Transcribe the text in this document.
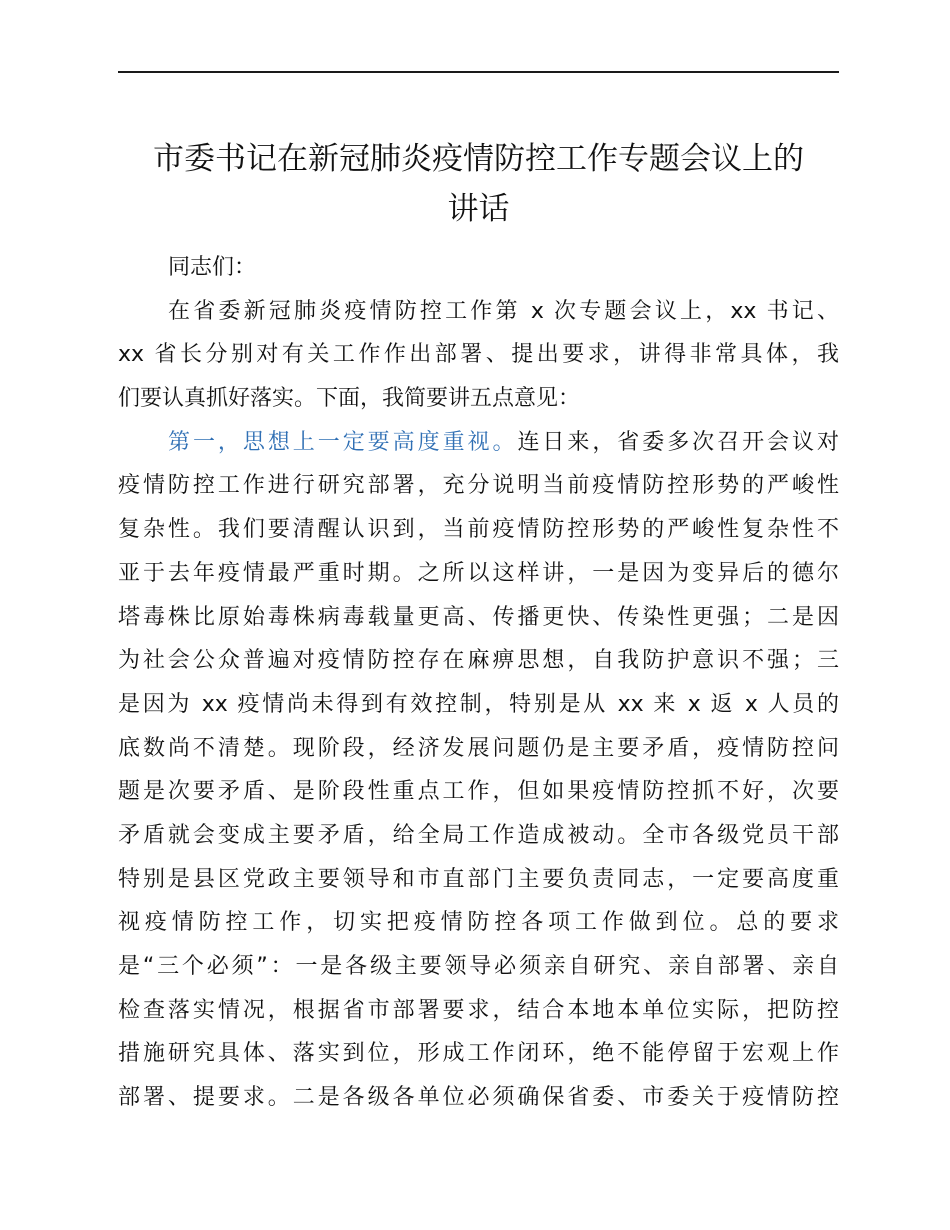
市委书记在新冠肺炎疫情防控工作专题会议上的
讲话
同志们：
在省委新冠肺炎疫情防控工作第 x 次专题会议上，xx 书记、
xx 省长分别对有关工作作出部署、提出要求，讲得非常具体，我
们要认真抓好落实。下面，我简要讲五点意见：
第一，思想上一定要高度重视。连日来，省委多次召开会议对
疫情防控工作进行研究部署，充分说明当前疫情防控形势的严峻性
复杂性。我们要清醒认识到，当前疫情防控形势的严峻性复杂性不
亚于去年疫情最严重时期。之所以这样讲，一是因为变异后的德尔
塔毒株比原始毒株病毒载量更高、传播更快、传染性更强；二是因
为社会公众普遍对疫情防控存在麻痹思想，自我防护意识不强；三
是因为 xx 疫情尚未得到有效控制，特别是从 xx 来 x 返 x 人员的
底数尚不清楚。现阶段，经济发展问题仍是主要矛盾，疫情防控问
题是次要矛盾、是阶段性重点工作，但如果疫情防控抓不好，次要
矛盾就会变成主要矛盾，给全局工作造成被动。全市各级党员干部
特别是县区党政主要领导和市直部门主要负责同志，一定要高度重
视疫情防控工作，切实把疫情防控各项工作做到位。总的要求
是“三个必须”：一是各级主要领导必须亲自研究、亲自部署、亲自
检查落实情况，根据省市部署要求，结合本地本单位实际，把防控
措施研究具体、落实到位，形成工作闭环，绝不能停留于宏观上作
部署、提要求。二是各级各单位必须确保省委、市委关于疫情防控
